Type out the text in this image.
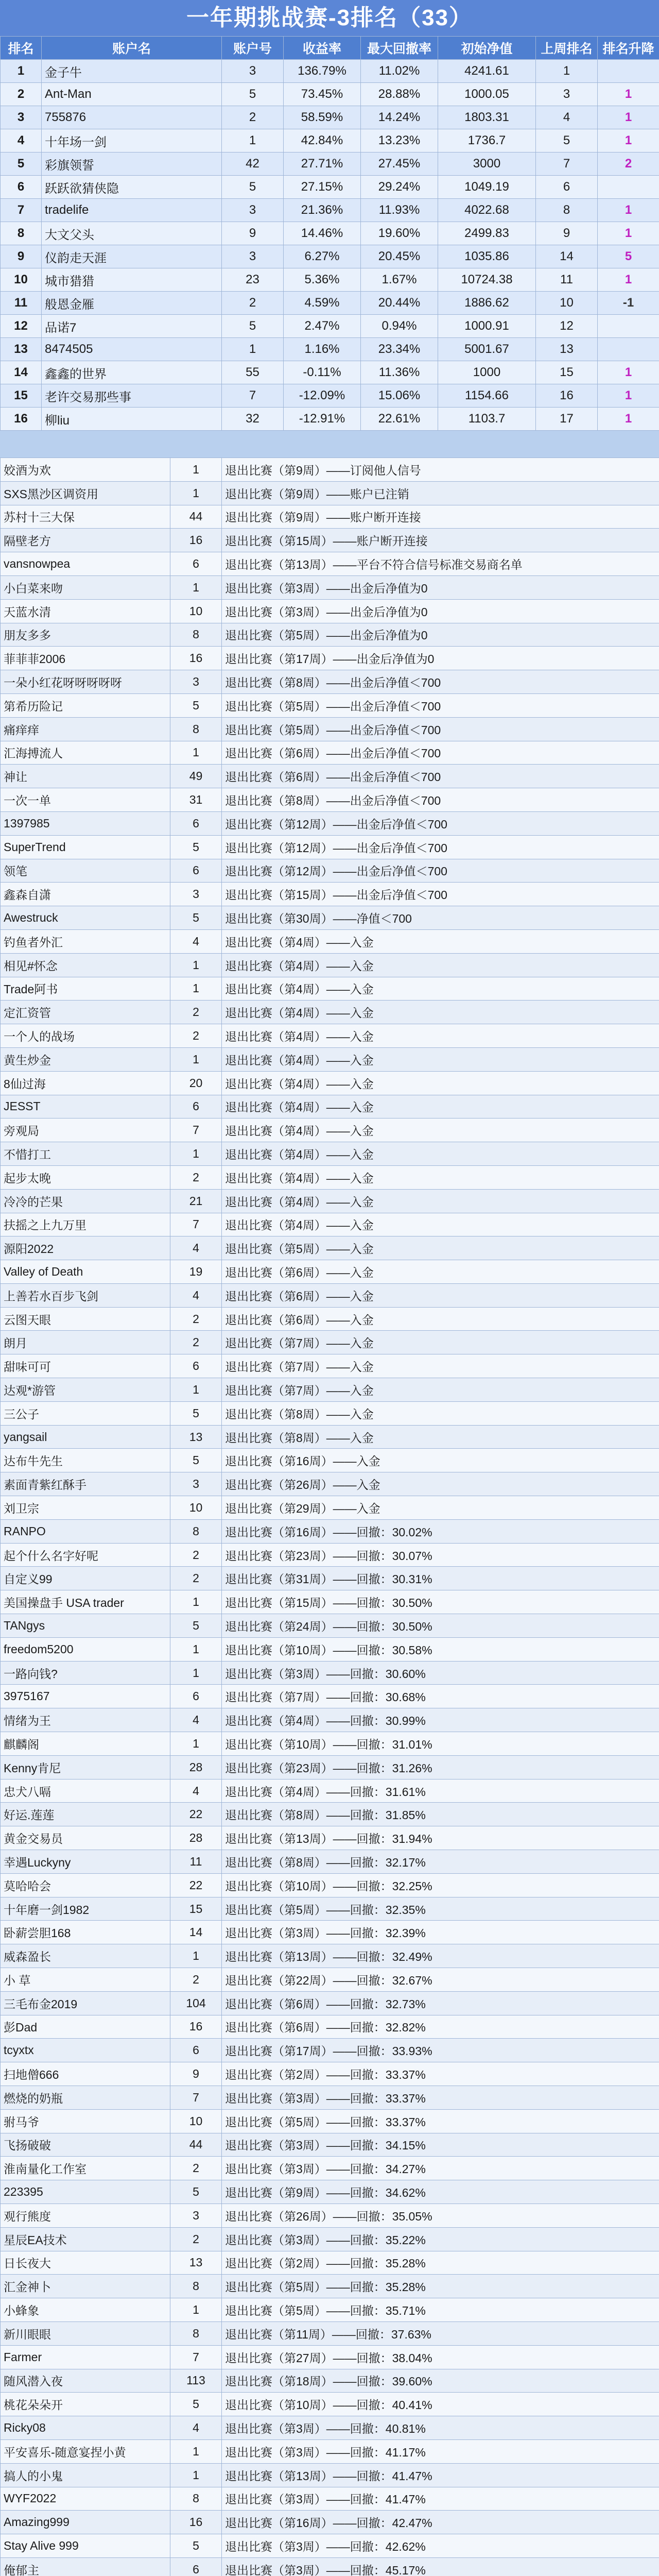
一年期挑战赛-3排名（33）
排名	账户名	账户号	收益率	最大回撤率	初始净值	上周排名	排名升降
1	金子牛	3	136.79%	11.02%	4241.61	1	
2	Ant-Man	5	73.45%	28.88%	1000.05	3	1
3	755876	2	58.59%	14.24%	1803.31	4	1
4	十年场一剑	1	42.84%	13.23%	1736.7	5	1
5	彩旗领誓	42	27.71%	27.45%	3000	7	2
6	跃跃欲猜侠隐	5	27.15%	29.24%	1049.19	6	
7	tradelife	3	21.36%	11.93%	4022.68	8	1
8	大文父头	9	14.46%	19.60%	2499.83	9	1
9	仪韵走天涯	3	6.27%	20.45%	1035.86	14	5
10	城市猎猎	23	5.36%	1.67%	10724.38	11	1
11	般恩金雁	2	4.59%	20.44%	1886.62	10	-1
12	品诺7	5	2.47%	0.94%	1000.91	12	
13	8474505	1	1.16%	23.34%	5001.67	13	
14	鑫鑫的世界	55	-0.11%	11.36%	1000	15	1
15	老许交易那些事	7	-12.09%	15.06%	1154.66	16	1
16	柳liu	32	-12.91%	22.61%	1103.7	17	1
姣酒为欢	1	退出比赛（第9周）——订阅他人信号
SXS黑沙区调资用	1	退出比赛（第9周）——账户已注销
苏村十三大保	44	退出比赛（第9周）——账户断开连接
隔壁老方	16	退出比赛（第15周）——账户断开连接
vansnowpea	6	退出比赛（第13周）——平台不符合信号标准交易商名单
小白菜来吻	1	退出比赛（第3周）——出金后净值为0
天蓝水清	10	退出比赛（第3周）——出金后净值为0
朋友多多	8	退出比赛（第5周）——出金后净值为0
菲菲菲2006	16	退出比赛（第17周）——出金后净值为0
一朵小红花呀呀呀呀呀	3	退出比赛（第8周）——出金后净值＜700
第希历险记	5	退出比赛（第5周）——出金后净值＜700
痛痒痒	8	退出比赛（第5周）——出金后净值＜700
汇海搏流人	1	退出比赛（第6周）——出金后净值＜700
神让	49	退出比赛（第6周）——出金后净值＜700
一次一单	31	退出比赛（第8周）——出金后净值＜700
1397985	6	退出比赛（第12周）——出金后净值＜700
SuperTrend	5	退出比赛（第12周）——出金后净值＜700
领笔	6	退出比赛（第12周）——出金后净值＜700
鑫森自潇	3	退出比赛（第15周）——出金后净值＜700
Awestruck	5	退出比赛（第30周）——净值＜700
钓鱼者外汇	4	退出比赛（第4周）——入金
相见#怀念	1	退出比赛（第4周）——入金
Trade阿书	1	退出比赛（第4周）——入金
定汇资管	2	退出比赛（第4周）——入金
一个人的战场	2	退出比赛（第4周）——入金
黄生炒金	1	退出比赛（第4周）——入金
8仙过海	20	退出比赛（第4周）——入金
JESST	6	退出比赛（第4周）——入金
旁观局	7	退出比赛（第4周）——入金
不惜打工	1	退出比赛（第4周）——入金
起步太晚	2	退出比赛（第4周）——入金
冷冷的芒果	21	退出比赛（第4周）——入金
扶摇之上九万里	7	退出比赛（第4周）——入金
源阳2022	4	退出比赛（第5周）——入金
Valley of Death	19	退出比赛（第6周）——入金
上善若水百步飞剑	4	退出比赛（第6周）——入金
云图天眼	2	退出比赛（第6周）——入金
朗月	2	退出比赛（第7周）——入金
甜味可可	6	退出比赛（第7周）——入金
达观*游管	1	退出比赛（第7周）——入金
三公子	5	退出比赛（第8周）——入金
yangsail	13	退出比赛（第8周）——入金
达布牛先生	5	退出比赛（第16周）——入金
素面青紫红酥手	3	退出比赛（第26周）——入金
刘卫宗	10	退出比赛（第29周）——入金
RANPO	8	退出比赛（第16周）——回撤：30.02%
起个什么名字好呢	2	退出比赛（第23周）——回撤：30.07%
自定义99	2	退出比赛（第31周）——回撤：30.31%
美国操盘手 USA trader	1	退出比赛（第15周）——回撤：30.50%
TANgys	5	退出比赛（第24周）——回撤：30.50%
freedom5200	1	退出比赛（第10周）——回撤：30.58%
一路向钱?	1	退出比赛（第3周）——回撤：30.60%
3975167	6	退出比赛（第7周）——回撤：30.68%
情绪为王	4	退出比赛（第4周）——回撤：30.99%
麒麟阁	1	退出比赛（第10周）——回撤：31.01%
Kenny肯尼	28	退出比赛（第23周）——回撤：31.26%
忠犬八嗝	4	退出比赛（第4周）——回撤：31.61%
好运.莲莲	22	退出比赛（第8周）——回撤：31.85%
黄金交易员	28	退出比赛（第13周）——回撤：31.94%
幸遇Luckyny	11	退出比赛（第8周）——回撤：32.17%
莫哈哈会	22	退出比赛（第10周）——回撤：32.25%
十年磨一剑1982	15	退出比赛（第5周）——回撤：32.35%
卧薪尝胆168	14	退出比赛（第3周）——回撤：32.39%
威森盈长	1	退出比赛（第13周）——回撤：32.49%
小 草	2	退出比赛（第22周）——回撤：32.67%
三毛布金2019	104	退出比赛（第6周）——回撤：32.73%
彭Dad	16	退出比赛（第6周）——回撤：32.82%
tcyxtx	6	退出比赛（第17周）——回撤：33.93%
扫地僧666	9	退出比赛（第2周）——回撤：33.37%
燃烧的奶瓶	7	退出比赛（第3周）——回撤：33.37%
驸马爷	10	退出比赛（第5周）——回撤：33.37%
飞扬破破	44	退出比赛（第3周）——回撤：34.15%
淮南量化工作室	2	退出比赛（第3周）——回撤：34.27%
223395	5	退出比赛（第9周）——回撤：34.62%
观行熊度	3	退出比赛（第26周）——回撤：35.05%
星辰EA技术	2	退出比赛（第3周）——回撤：35.22%
日长夜大	13	退出比赛（第2周）——回撤：35.28%
汇金神卜	8	退出比赛（第5周）——回撤：35.28%
小蜂象	1	退出比赛（第5周）——回撤：35.71%
新川眼眼	8	退出比赛（第11周）——回撤：37.63%
Farmer	7	退出比赛（第27周）——回撤：38.04%
随风潜入夜	113	退出比赛（第18周）——回撤：39.60%
桃花朵朵开	5	退出比赛（第10周）——回撤：40.41%
Ricky08	4	退出比赛（第3周）——回撤：40.81%
平安喜乐-随意宴捏小黄	1	退出比赛（第3周）——回撤：41.17%
搞人的小鬼	1	退出比赛（第13周）——回撤：41.47%
WYF2022	8	退出比赛（第3周）——回撤：41.47%
Amazing999	16	退出比赛（第16周）——回撤：42.47%
Stay Alive 999	5	退出比赛（第3周）——回撤：42.62%
俺郁主	6	退出比赛（第3周）——回撤：45.17%
